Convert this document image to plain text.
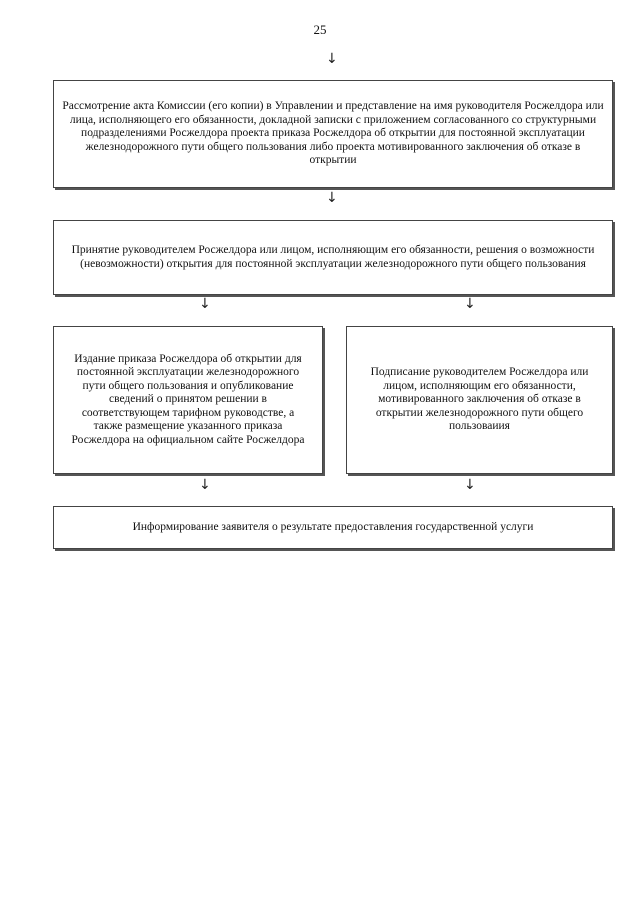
25
↓
Рассмотрение акта Комиссии (его копии) в Управлении и представление на имя руководителя Росжелдора или лица, исполняющего его обязанности, докладной записки с приложением согласованного со структурными подразделениями Росжелдора проекта приказа Росжелдора об открытии для постоянной эксплуатации железнодорожного пути общего пользования либо проекта мотивированного заключения об отказе в открытии
↓
Принятие руководителем Росжелдора или лицом, исполняющим его обязанности, решения о возможности (невозможности) открытия для постоянной эксплуатации железнодорожного пути общего пользования
↓	↓
Издание приказа Росжелдора об открытии для постоянной эксплуатации железнодорожного пути общего пользования и опубликование сведений о принятом решении в соответствующем тарифном руководстве, а также размещение указанного приказа Росжелдора на официальном сайте Росжелдора
Подписание руководителем Росжелдора или лицом, исполняющим его обязанности, мотивированного заключения об отказе в открытии железнодорожного пути общего пользоваиия
↓	↓
Информирование заявителя о результате предоставления государственной услуги
